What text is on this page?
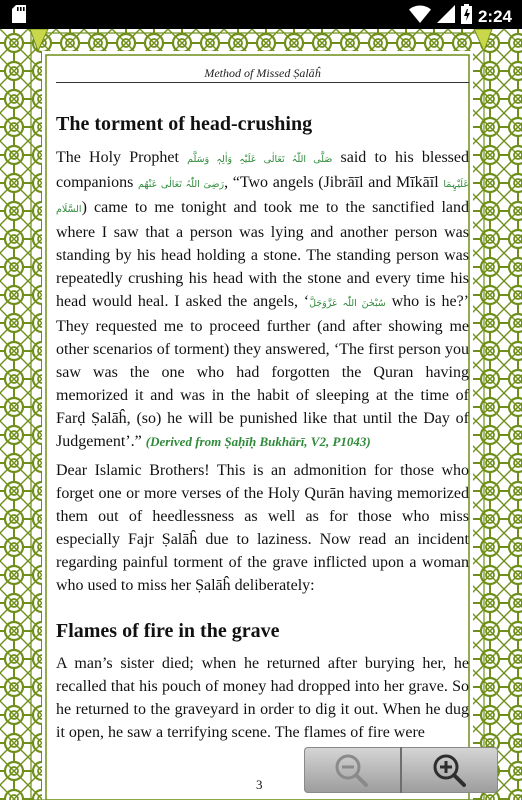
2:24
Method of Missed Ṣalāĥ
The torment of head-crushing
The Holy Prophet صَلَّی اللّٰہُ تَعَالٰی عَلَیْہِ وَاٰلِہٖ وَسَلَّم said to his blessed companions رَضِیَ اللّٰہُ تَعَالٰی عَنْھُم, “Two angels (Jibrāīl and Mīkāīl عَلَیْہِمَا السَّلَام) came to me tonight and took me to the sanctified land where I saw that a person was lying and another person was standing by his head holding a stone. The standing person was repeatedly crushing his head with the stone and every time his head would heal. I asked the angels, ‘سُبْحٰنَ اللّٰہ عَزَّوَجَلَّ who is he?’ They requested me to proceed further (and after showing me other scenarios of torment) they answered, ‘The first person you saw was the one who had forgotten the Quran having memorized it and was in the habit of sleeping at the time of Farḍ Ṣalāĥ, (so) he will be punished like that until the Day of Judgement’.” (Derived from Ṣaḥīḥ Bukhārī, V2, P1043)
Dear Islamic Brothers! This is an admonition for those who forget one or more verses of the Holy Qurān having memorized them out of heedlessness as well as for those who miss especially Fajr Ṣalāĥ due to laziness. Now read an incident regarding painful torment of the grave inflicted upon a woman who used to miss her Ṣalāĥ deliberately:
Flames of fire in the grave
A man’s sister died; when he returned after burying her, he recalled that his pouch of money had dropped into her grave. So he returned to the graveyard in order to dig it out. When he dug it open, he saw a terrifying scene. The flames of fire were
3
